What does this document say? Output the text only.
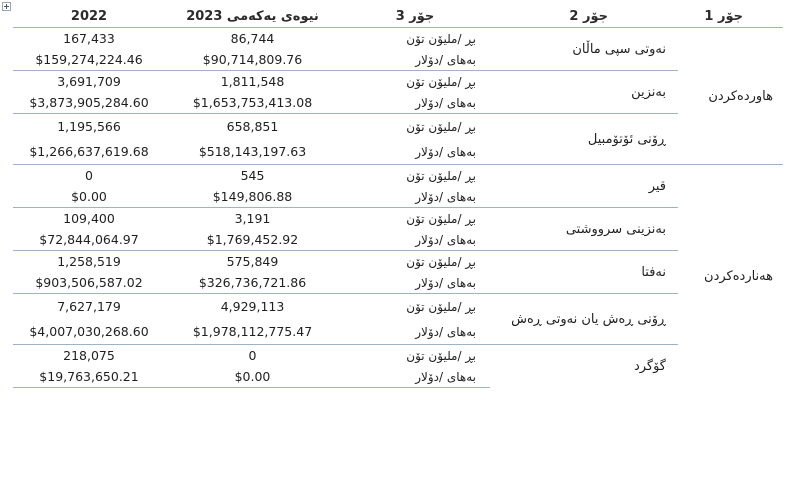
2022	نیوەی یەکەمی 2023	جۆر 3	جۆر 2	جۆر 1
167,433	86,744	بڕ /ملیۆن تۆن	نەوتی سپی ماڵان	هاوردەکردن
$159,274,224.46	$90,714,809.76	بەهای /دۆلار		
3,691,709	1,811,548	بڕ /ملیۆن تۆن	بەنزین	
$3,873,905,284.60	$1,653,753,413.08	بەهای /دۆلار		
1,195,566	658,851	بڕ /ملیۆن تۆن	ڕۆنی ئۆتۆمبیل	
$1,266,637,619.68	$518,143,197.63	بەهای /دۆلار		
0	545	بڕ /ملیۆن تۆن	قیر	هەناردەکردن
$0.00	$149,806.88	بەهای /دۆلار		
109,400	3,191	بڕ /ملیۆن تۆن	بەنزینی سرووشتی	
$72,844,064.97	$1,769,452.92	بەهای /دۆلار		
1,258,519	575,849	بڕ /ملیۆن تۆن	نەفتا	
$903,506,587.02	$326,736,721.86	بەهای /دۆلار		
7,627,179	4,929,113	بڕ /ملیۆن تۆن	ڕۆنی ڕەش یان نەوتی ڕەش	
$4,007,030,268.60	$1,978,112,775.47	بەهای /دۆلار		
218,075	0	بڕ /ملیۆن تۆن	گۆگرد	
$19,763,650.21	$0.00	بەهای /دۆلار		
